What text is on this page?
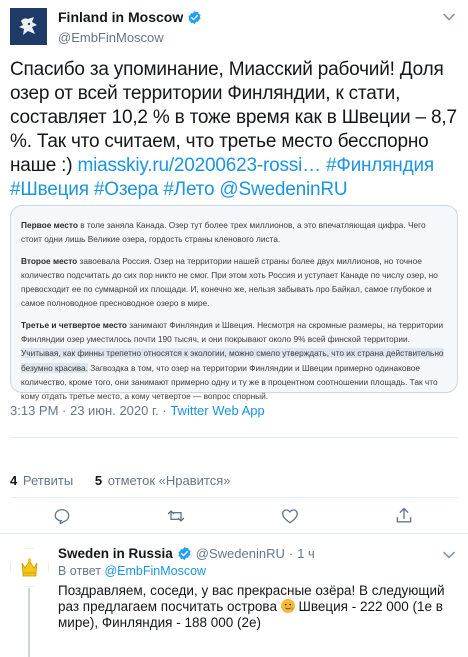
Finland in Moscow
@EmbFinMoscow
Спасибо за упоминание, Миасский рабочий! Доля озер от всей территории Финляндии, к стати, составляет 10,2 % в тоже время как в Швеции – 8,7 %. Так что считаем, что третье место бесспорно наше :) miasskiy.ru/20200623-rossi… #Финляндия
#Швеция #Озера #Лето @SwedeninRU

Первое место в толе заняла Канада. Озер тут более трех миллионов, а это впечатляющая цифра. Чего стоит одни лишь Великие озера, гордость страны кленового листа.

Второе место завоевала Россия. Озер на территории нашей страны более двух миллионов, но точное количество подсчитать до сих пор никто не смог. При этом хоть Россия и уступает Канаде по числу озер, но превосходит ее по суммарной их площади. И, конечно же, нельзя забывать про Байкал, самое глубокое и самое полноводное пресноводное озеро в мире.

Третье и четвертое место занимают Финляндия и Швеция. Несмотря на скромные размеры, на территории Финляндии озер уместилось почти 190 тысяч, и они покрывают около 9% всей финской территории. Учитывая, как финны трепетно относятся к экологии, можно смело утверждать, что их страна действительно безумно красива. Загвоздка в том, что озер на территории Финляндии и Швеции примерно одинаковое количество, кроме того, они занимают примерно одну и ту же в процентном соотношении площадь. Так что кому отдать третье место, а кому четвертое — вопрос спорный.

3:13 PM · 23 июн. 2020 г. · Twitter Web App
4 Ретвиты 5 отметок «Нравится»
Sweden in Russia @SwedeninRU · 1 ч
В ответ @EmbFinMoscow
Поздравляем, соседи, у вас прекрасные озёра! В следующий раз предлагаем посчитать острова
Швеция - 222 000 (1е в мире), Финляндия - 188 000 (2е)
